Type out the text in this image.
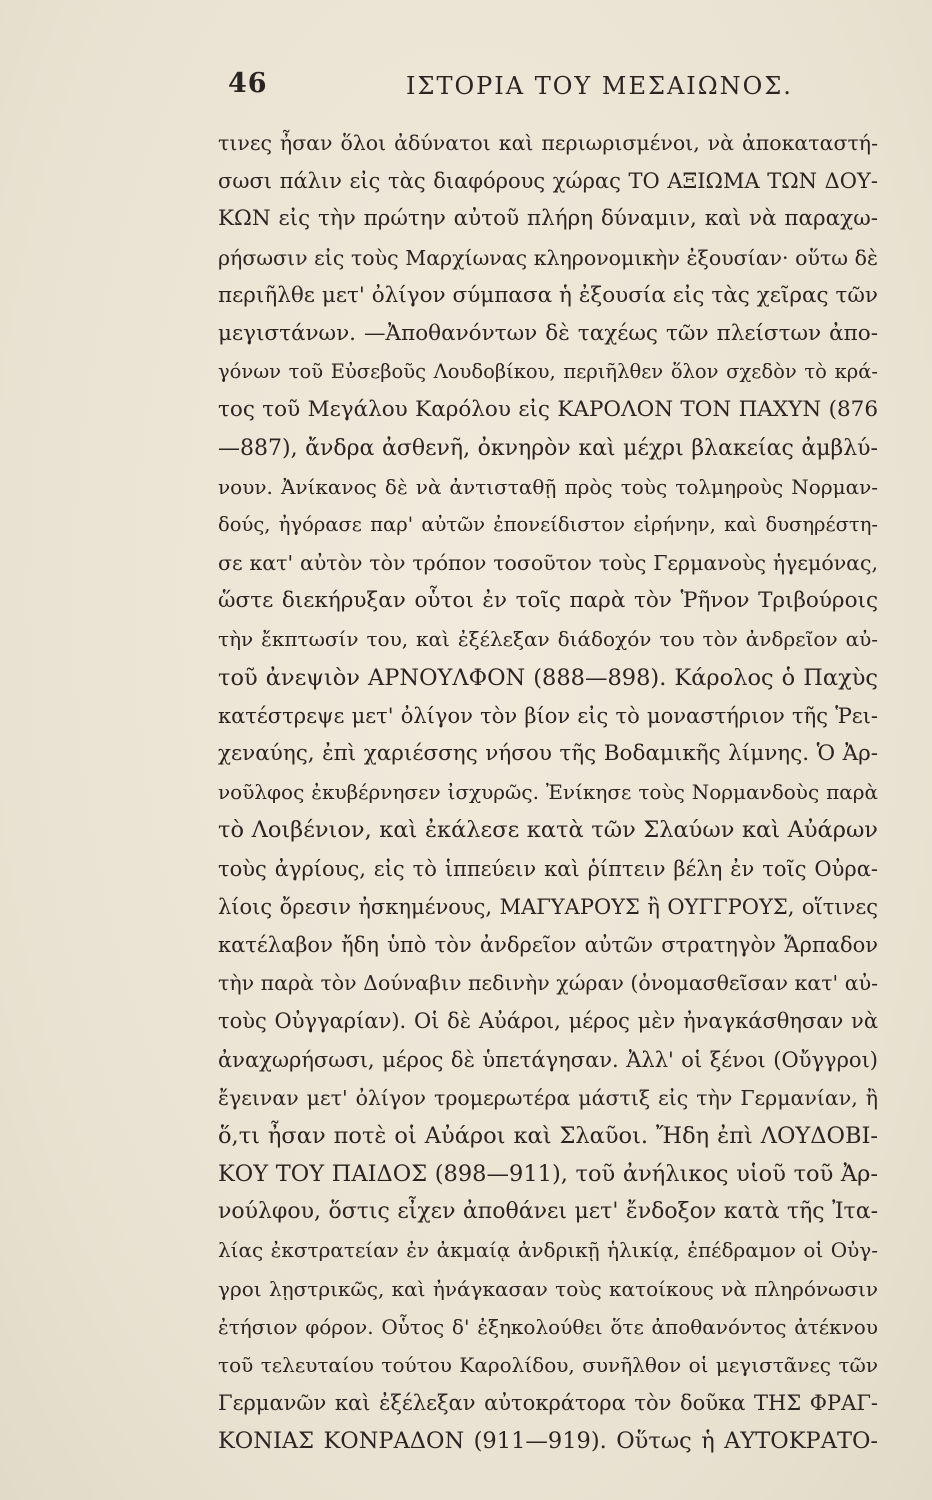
46	ΙΣΤΟΡΙΑ ΤΟΥ ΜΕΣΑΙΩΝΟΣ.
τινες ἦσαν ὅλοι ἀδύνατοι καὶ περιωρισμένοι, νὰ ἀποκαταστή-
σωσι πάλιν εἰς τὰς διαφόρους χώρας ΤΟ ΑΞΙΩΜΑ ΤΩΝ ΔΟΥ-
ΚΩΝ εἰς τὴν πρώτην αὐτοῦ πλήρη δύναμιν, καὶ νὰ παραχω-
ρήσωσιν εἰς τοὺς Μαρχίωνας κληρονομικὴν ἐξουσίαν· οὕτω δὲ
περιῆλθε μετ' ὀλίγον σύμπασα ἡ ἐξουσία εἰς τὰς χεῖρας τῶν
μεγιστάνων. —Ἀποθανόντων δὲ ταχέως τῶν πλείστων ἀπο-
γόνων τοῦ Εὐσεβοῦς Λουδοβίκου, περιῆλθεν ὅλον σχεδὸν τὸ κρά-
τος τοῦ Μεγάλου Καρόλου εἰς ΚΑΡΟΛΟΝ ΤΟΝ ΠΑΧΥΝ (876
—887), ἄνδρα ἀσθενῆ, ὀκνηρὸν καὶ μέχρι βλακείας ἀμβλύ-
νουν. Ἀνίκανος δὲ νὰ ἀντισταθῇ πρὸς τοὺς τολμηροὺς Νορμαν-
δούς, ἠγόρασε παρ' αὐτῶν ἐπονείδιστον εἰρήνην, καὶ δυσηρέστη-
σε κατ' αὐτὸν τὸν τρόπον τοσοῦτον τοὺς Γερμανοὺς ἡγεμόνας,
ὥστε διεκήρυξαν οὗτοι ἐν τοῖς παρὰ τὸν Ῥῆνον Τριβούροις
τὴν ἔκπτωσίν του, καὶ ἐξέλεξαν διάδοχόν του τὸν ἀνδρεῖον αὐ-
τοῦ ἀνεψιὸν ΑΡΝΟΥΛΦΟΝ (888—898). Κάρολος ὁ Παχὺς
κατέστρεψε μετ' ὀλίγον τὸν βίον εἰς τὸ μοναστήριον τῆς Ῥει-
χεναύης, ἐπὶ χαριέσσης νήσου τῆς Βοδαμικῆς λίμνης. Ὁ Ἀρ-
νοῦλφος ἐκυβέρνησεν ἰσχυρῶς. Ἐνίκησε τοὺς Νορμανδοὺς παρὰ
τὸ Λοιβένιον, καὶ ἐκάλεσε κατὰ τῶν Σλαύων καὶ Αὐάρων
τοὺς ἀγρίους, εἰς τὸ ἱππεύειν καὶ ῥίπτειν βέλη ἐν τοῖς Οὐρα-
λίοις ὄρεσιν ἠσκημένους, ΜΑΓΥΑΡΟΥΣ ἢ ΟΥΓΓΡΟΥΣ, οἵτινες
κατέλαβον ἤδη ὑπὸ τὸν ἀνδρεῖον αὐτῶν στρατηγὸν Ἄρπαδον
τὴν παρὰ τὸν Δούναβιν πεδινὴν χώραν (ὀνομασθεῖσαν κατ' αὐ-
τοὺς Οὐγγαρίαν). Οἱ δὲ Αὐάροι, μέρος μὲν ἠναγκάσθησαν νὰ
ἀναχωρήσωσι, μέρος δὲ ὑπετάγησαν. Ἀλλ' οἱ ξένοι (Οὔγγροι)
ἔγειναν μετ' ὀλίγον τρομερωτέρα μάστιξ εἰς τὴν Γερμανίαν, ἢ
ὅ,τι ἦσαν ποτὲ οἱ Αὐάροι καὶ Σλαῦοι. Ἤδη ἐπὶ ΛΟΥΔΟΒΙ-
ΚΟΥ ΤΟΥ ΠΑΙΔΟΣ (898—911), τοῦ ἀνήλικος υἱοῦ τοῦ Ἀρ-
νούλφου, ὅστις εἶχεν ἀποθάνει μετ' ἔνδοξον κατὰ τῆς Ἰτα-
λίας ἐκστρατείαν ἐν ἀκμαίᾳ ἀνδρικῇ ἡλικίᾳ, ἐπέδραμον οἱ Οὐγ-
γροι λῃστρικῶς, καὶ ἠνάγκασαν τοὺς κατοίκους νὰ πληρόνωσιν
ἐτήσιον φόρον. Οὗτος δ' ἐξηκολούθει ὅτε ἀποθανόντος ἀτέκνου
τοῦ τελευταίου τούτου Καρολίδου, συνῆλθον οἱ μεγιστᾶνες τῶν
Γερμανῶν καὶ ἐξέλεξαν αὐτοκράτορα τὸν δοῦκα ΤΗΣ ΦΡΑΓ-
ΚΟΝΙΑΣ ΚΟΝΡΑΔΟΝ (911—919). Οὕτως ἡ ΑΥΤΟΚΡΑΤΟ-
